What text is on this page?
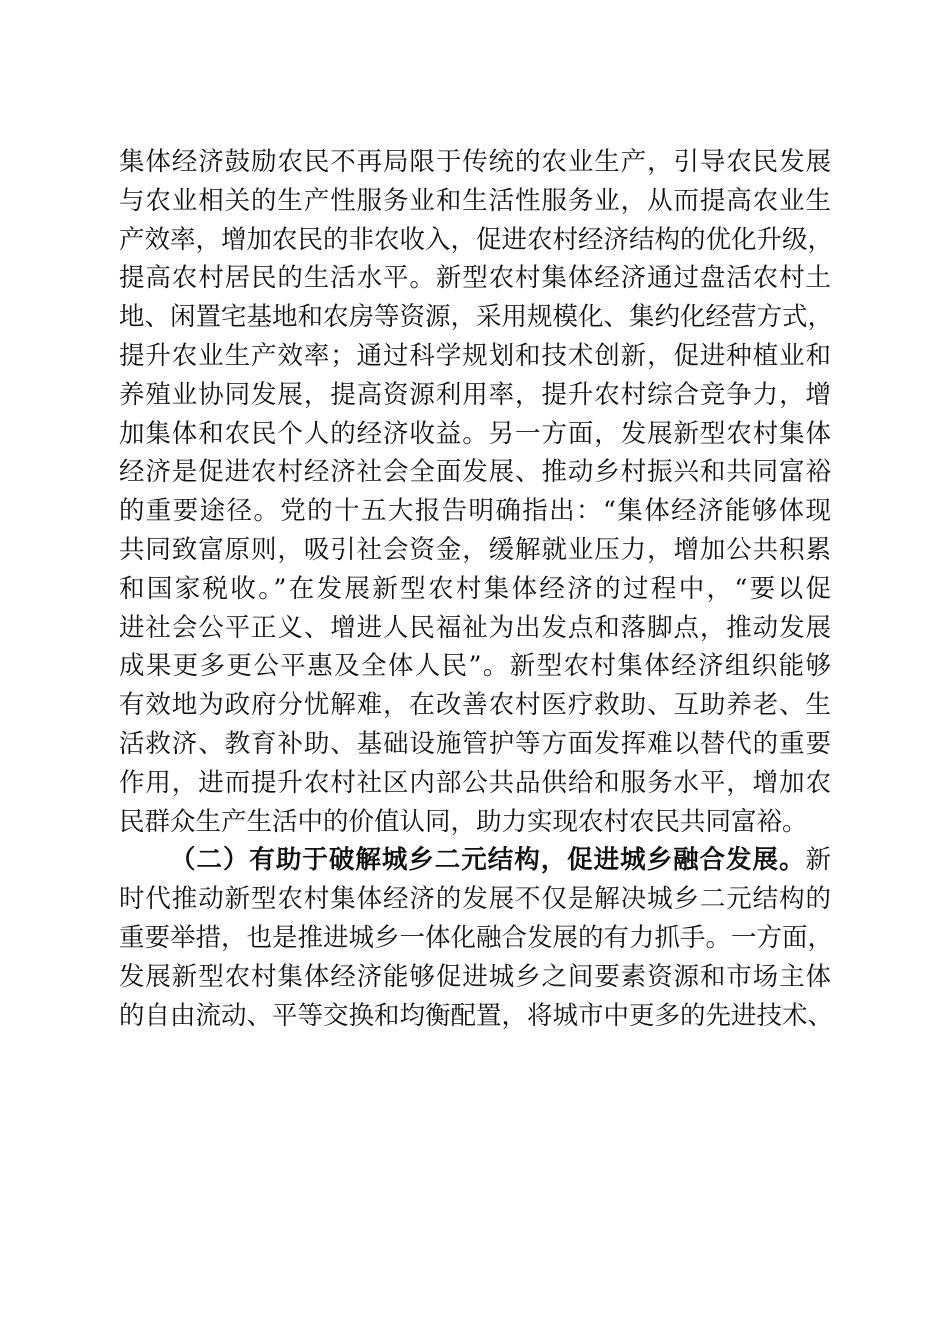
集体经济鼓励农民不再局限于传统的农业生产，引导农民发展
与农业相关的生产性服务业和生活性服务业，从而提高农业生
产效率，增加农民的非农收入，促进农村经济结构的优化升级，
提高农村居民的生活水平。新型农村集体经济通过盘活农村土
地、闲置宅基地和农房等资源，采用规模化、集约化经营方式，
提升农业生产效率；通过科学规划和技术创新，促进种植业和
养殖业协同发展，提高资源利用率，提升农村综合竞争力，增
加集体和农民个人的经济收益。另一方面，发展新型农村集体
经济是促进农村经济社会全面发展、推动乡村振兴和共同富裕
的重要途径。党的十五大报告明确指出：“集体经济能够体现
共同致富原则，吸引社会资金，缓解就业压力，增加公共积累
和国家税收。”在发展新型农村集体经济的过程中，“要以促
进社会公平正义、增进人民福祉为出发点和落脚点，推动发展
成果更多更公平惠及全体人民”。新型农村集体经济组织能够
有效地为政府分忧解难，在改善农村医疗救助、互助养老、生
活救济、教育补助、基础设施管护等方面发挥难以替代的重要
作用，进而提升农村社区内部公共品供给和服务水平，增加农
民群众生产生活中的价值认同，助力实现农村农民共同富裕。
（二）有助于破解城乡二元结构，促进城乡融合发展。新
时代推动新型农村集体经济的发展不仅是解决城乡二元结构的
重要举措，也是推进城乡一体化融合发展的有力抓手。一方面，
发展新型农村集体经济能够促进城乡之间要素资源和市场主体
的自由流动、平等交换和均衡配置，将城市中更多的先进技术、
